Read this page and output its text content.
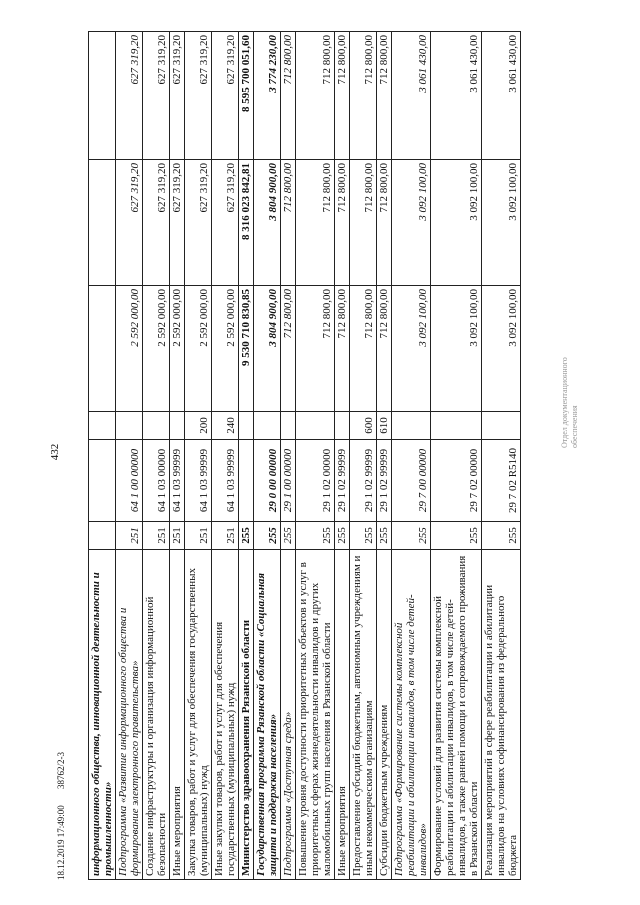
432
Отдел документационного обеспечения
информационного общества, инновационной деятельности и промышленности»						
Подпрограмма «Развитие информационного общества и формирование электронного правительства»	251	64 1 00 00000		2 592 000,00	627 319,20	627 319,20
Создание инфраструктуры и организация информационной безопасности	251	64 1 03 00000		2 592 000,00	627 319,20	627 319,20
Иные мероприятия	251	64 1 03 99999		2 592 000,00	627 319,20	627 319,20
Закупка товаров, работ и услуг для обеспечения государственных (муниципальных) нужд	251	64 1 03 99999	200	2 592 000,00	627 319,20	627 319,20
Иные закупки товаров, работ и услуг для обеспечения государственных (муниципальных) нужд	251	64 1 03 99999	240	2 592 000,00	627 319,20	627 319,20
Министерство здравоохранения Рязанской области	255			9 530 710 830,85	8 316 023 842,81	8 595 700 051,60
Государственная программа Рязанской области «Социальная защита и поддержка населения»	255	29 0 00 00000		3 804 900,00	3 804 900,00	3 774 230,00
Подпрограмма «Доступная среда»	255	29 1 00 00000		712 800,00	712 800,00	712 800,00
Повышение уровня доступности приоритетных объектов и услуг в приоритетных сферах жизнедеятельности инвалидов и других маломобильных групп населения в Рязанской области	255	29 1 02 00000		712 800,00	712 800,00	712 800,00
Иные мероприятия	255	29 1 02 99999		712 800,00	712 800,00	712 800,00
Предоставление субсидий бюджетным, автономным учреждениям и иным некоммерческим организациям	255	29 1 02 99999	600	712 800,00	712 800,00	712 800,00
Субсидии бюджетным учреждениям	255	29 1 02 99999	610	712 800,00	712 800,00	712 800,00
Подпрограмма «Формирование системы комплексной реабилитации и абилитации инвалидов, в том числе детей-инвалидов»	255	29 7 00 00000		3 092 100,00	3 092 100,00	3 061 430,00
Формирование условий для развития системы комплексной реабилитации и абилитации инвалидов, в том числе детей-инвалидов, а также ранней помощи и сопровождаемого проживания в Рязанской области	255	29 7 02 00000		3 092 100,00	3 092 100,00	3 061 430,00
Реализация мероприятий в сфере реабилитации и абилитации инвалидов на условиях софинансирования из федерального бюджета	255	29 7 02 R5140		3 092 100,00	3 092 100,00	3 061 430,00
18.12.2019 17:49:00 38762/2-3
